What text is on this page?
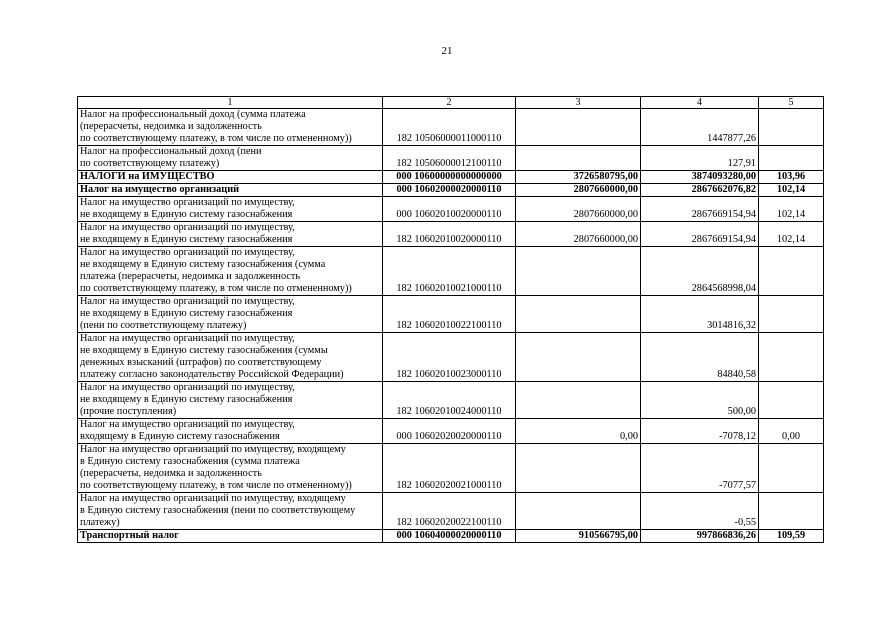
21
1	2	3	4	5
Налог на профессиональный доход (сумма платежа
(перерасчеты, недоимка и задолженность
по соответствующему платежу, в том числе по отмененному))	182 10506000011000110		1447877,26	
Налог на профессиональный доход (пени
по соответствующему платежу)	182 10506000012100110		127,91	
НАЛОГИ на ИМУЩЕСТВО	000 10600000000000000	3726580795,00	3874093280,00	103,96
Налог на имущество организаций	000 10602000020000110	2807660000,00	2867662076,82	102,14
Налог на имущество организаций по имуществу,
не входящему в Единую систему газоснабжения	000 10602010020000110	2807660000,00	2867669154,94	102,14
Налог на имущество организаций по имуществу,
не входящему в Единую систему газоснабжения	182 10602010020000110	2807660000,00	2867669154,94	102,14
Налог на имущество организаций по имуществу,
не входящему в Единую систему газоснабжения (сумма
платежа (перерасчеты, недоимка и задолженность
по соответствующему платежу, в том числе по отмененному))	182 10602010021000110		2864568998,04	
Налог на имущество организаций по имуществу,
не входящему в Единую систему газоснабжения
(пени по соответствующему платежу)	182 10602010022100110		3014816,32	
Налог на имущество организаций по имуществу,
не входящему в Единую систему газоснабжения (суммы
денежных взысканий (штрафов) по соответствующему
платежу согласно законодательству Российской Федерации)	182 10602010023000110		84840,58	
Налог на имущество организаций по имуществу,
не входящему в Единую систему газоснабжения
(прочие поступления)	182 10602010024000110		500,00	
Налог на имущество организаций по имуществу,
входящему в Единую систему газоснабжения	000 10602020020000110	0,00	-7078,12	0,00
Налог на имущество организаций по имуществу, входящему
в Единую систему газоснабжения (сумма платежа
(перерасчеты, недоимка и задолженность
по соответствующему платежу, в том числе по отмененному))	182 10602020021000110		-7077,57	
Налог на имущество организаций по имуществу, входящему
в Единую систему газоснабжения (пени по соответствующему
платежу)	182 10602020022100110		-0,55	
Транспортный налог	000 10604000020000110	910566795,00	997866836,26	109,59
